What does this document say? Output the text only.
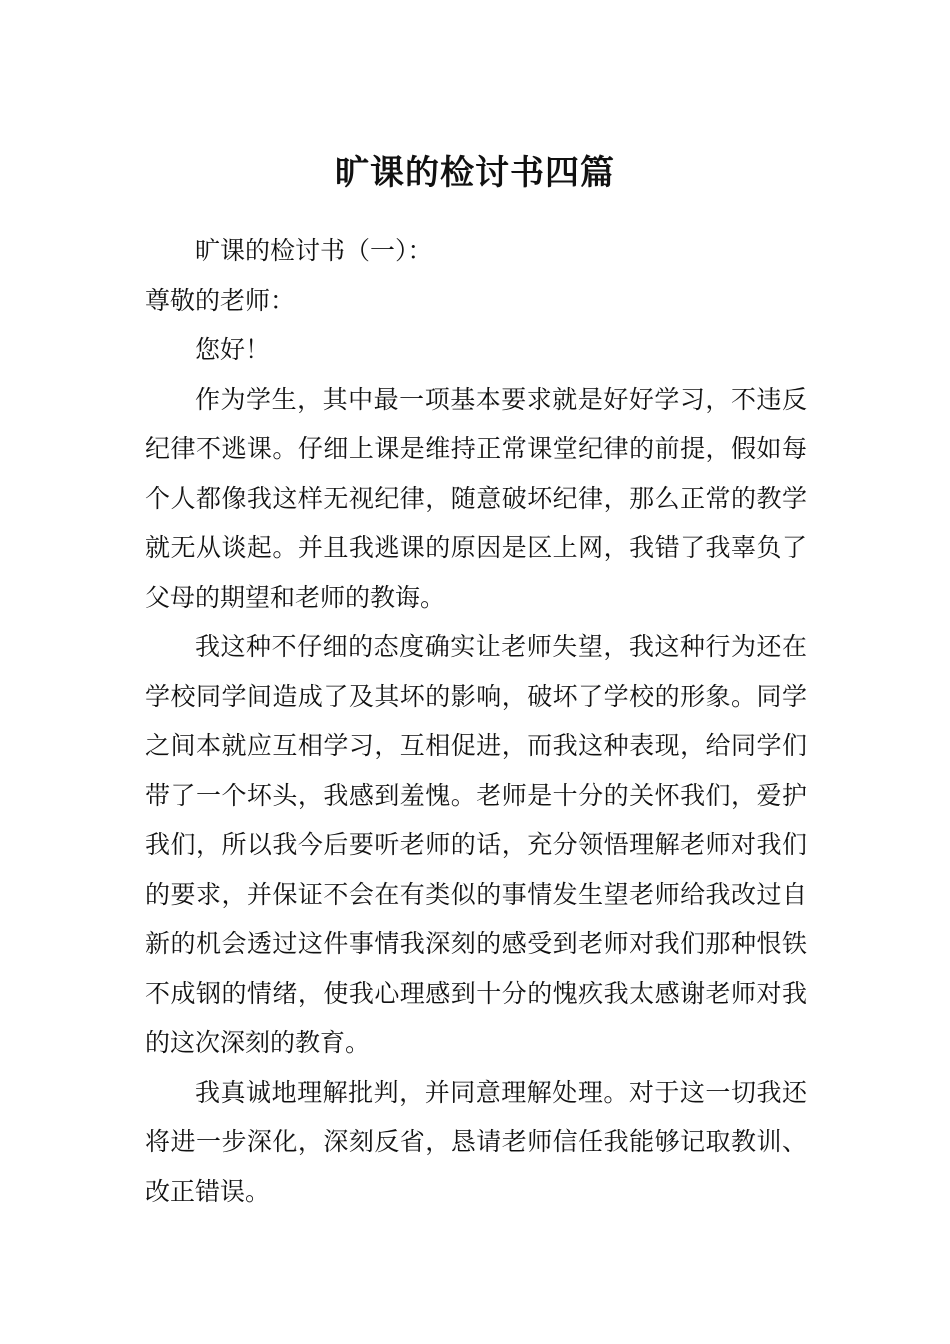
旷课的检讨书四篇

旷课的检讨书（一）：

尊敬的老师：

您好！

作为学生，其中最一项基本要求就是好好学习，不违反纪律不逃课。仔细上课是维持正常课堂纪律的前提，假如每个人都像我这样无视纪律，随意破坏纪律，那么正常的教学就无从谈起。并且我逃课的原因是区上网，我错了我辜负了父母的期望和老师的教诲。

我这种不仔细的态度确实让老师失望，我这种行为还在学校同学间造成了及其坏的影响，破坏了学校的形象。同学之间本就应互相学习，互相促进，而我这种表现，给同学们带了一个坏头，我感到羞愧。老师是十分的关怀我们，爱护我们，所以我今后要听老师的话，充分领悟理解老师对我们的要求，并保证不会在有类似的事情发生望老师给我改过自新的机会透过这件事情我深刻的感受到老师对我们那种恨铁不成钢的情绪，使我心理感到十分的愧疚我太感谢老师对我的这次深刻的教育。

我真诚地理解批判，并同意理解处理。对于这一切我还将进一步深化，深刻反省，恳请老师信任我能够记取教训、改正错误。
